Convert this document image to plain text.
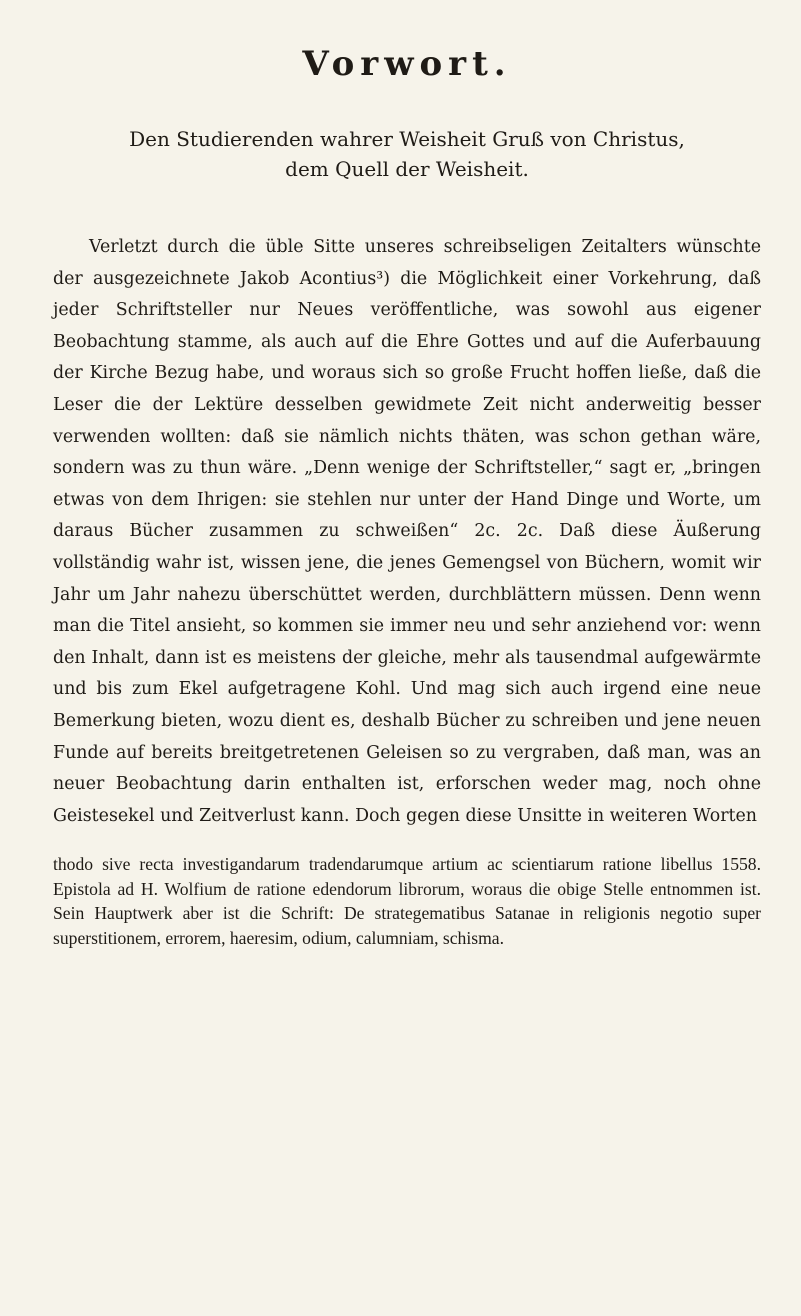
Vorwort.
Den Studierenden wahrer Weisheit Gruß von Christus,
dem Quell der Weisheit.

Verletzt durch die üble Sitte unseres schreibseligen Zeitalters wünschte der ausgezeichnete Jakob Acontius³) die Möglichkeit einer Vorkehrung, daß jeder Schriftsteller nur Neues veröffentliche, was sowohl aus eigener Beobachtung stamme, als auch auf die Ehre Gottes und auf die Auferbauung der Kirche Bezug habe, und woraus sich so große Frucht hoffen ließe, daß die Leser die der Lektüre desselben gewidmete Zeit nicht anderweitig besser verwenden wollten: daß sie nämlich nichts thäten, was schon gethan wäre, sondern was zu thun wäre. „Denn wenige der Schriftsteller,“ sagt er, „bringen etwas von dem Ihrigen: sie stehlen nur unter der Hand Dinge und Worte, um daraus Bücher zusammen zu schweißen“ 2c. 2c. Daß diese Äußerung vollständig wahr ist, wissen jene, die jenes Gemengsel von Büchern, womit wir Jahr um Jahr nahezu überschüttet werden, durchblättern müssen. Denn wenn man die Titel ansieht, so kommen sie immer neu und sehr anziehend vor: wenn den Inhalt, dann ist es meistens der gleiche, mehr als tausendmal aufgewärmte und bis zum Ekel aufgetragene Kohl. Und mag sich auch irgend eine neue Bemerkung bieten, wozu dient es, deshalb Bücher zu schreiben und jene neuen Funde auf bereits breitgetretenen Geleisen so zu vergraben, daß man, was an neuer Beobachtung darin enthalten ist, erforschen weder mag, noch ohne Geistesekel und Zeitverlust kann. Doch gegen diese Unsitte in weiteren Worten

thodo sive recta investigandarum tradendarumque artium ac scientiarum ratione libellus 1558. Epistola ad H. Wolfium de ratione edendorum librorum, woraus die obige Stelle entnommen ist. Sein Hauptwerk aber ist die Schrift: De strategematibus Satanae in religionis negotio super superstitionem, errorem, haeresim, odium, calumniam, schisma.
